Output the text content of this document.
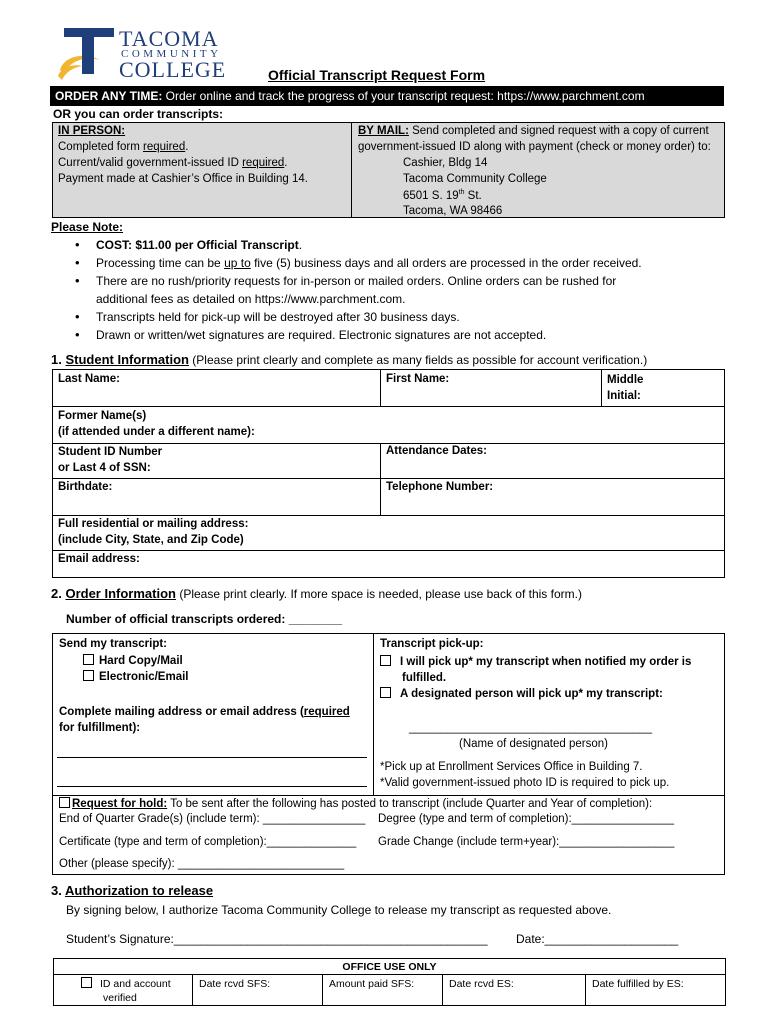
TACOMA
COMMUNITY
COLLEGE	Official Transcript Request Form
ORDER ANY TIME: Order online and track the progress of your transcript request: https://www.parchment.com
OR you can order transcripts:
IN PERSON:
Completed form required.
Current/valid government-issued ID required.
Payment made at Cashier’s Office in Building 14.
BY MAIL: Send completed and signed request with a copy of current
government-issued ID along with payment (check or money order) to:
Cashier, Bldg 14
Tacoma Community College
6501 S. 19th St.
Tacoma, WA 98466
Please Note:
• COST: $11.00 per Official Transcript.
• Processing time can be up to five (5) business days and all orders are processed in the order received.
• There are no rush/priority requests for in-person or mailed orders. Online orders can be rushed for
additional fees as detailed on https://www.parchment.com.
• Transcripts held for pick-up will be destroyed after 30 business days.
• Drawn or written/wet signatures are required. Electronic signatures are not accepted.
1. Student Information (Please print clearly and complete as many fields as possible for account verification.)
Last Name:	First Name:	Middle
Initial:
Former Name(s)
(if attended under a different name):
Student ID Number
or Last 4 of SSN:
Attendance Dates:
Birthdate:	Telephone Number:
Full residential or mailing address:
(include City, State, and Zip Code)
Email address:
2. Order Information (Please print clearly. If more space is needed, please use back of this form.)
Number of official transcripts ordered: ________
Send my transcript:
Hard Copy/Mail
Electronic/Email
Complete mailing address or email address (required
for fulfillment):
Transcript pick-up:
I will pick up* my transcript when notified my order is
fulfilled.
A designated person will pick up* my transcript:
______________________________________
(Name of designated person)
*Pick up at Enrollment Services Office in Building 7.
*Valid government-issued photo ID is required to pick up.
Request for hold: To be sent after the following has posted to transcript (include Quarter and Year of completion):
End of Quarter Grade(s) (include term): ________________ Degree (type and term of completion):________________
Certificate (type and term of completion):______________ Grade Change (include term+year):__________________
Other (please specify): __________________________
3. Authorization to release
By signing below, I authorize Tacoma Community College to release my transcript as requested above.
Student’s Signature:_______________________________________________ Date:____________________
OFFICE USE ONLY
ID and account
verified
Date rcvd SFS:	Amount paid SFS:	Date rcvd ES:	Date fulfilled by ES:
